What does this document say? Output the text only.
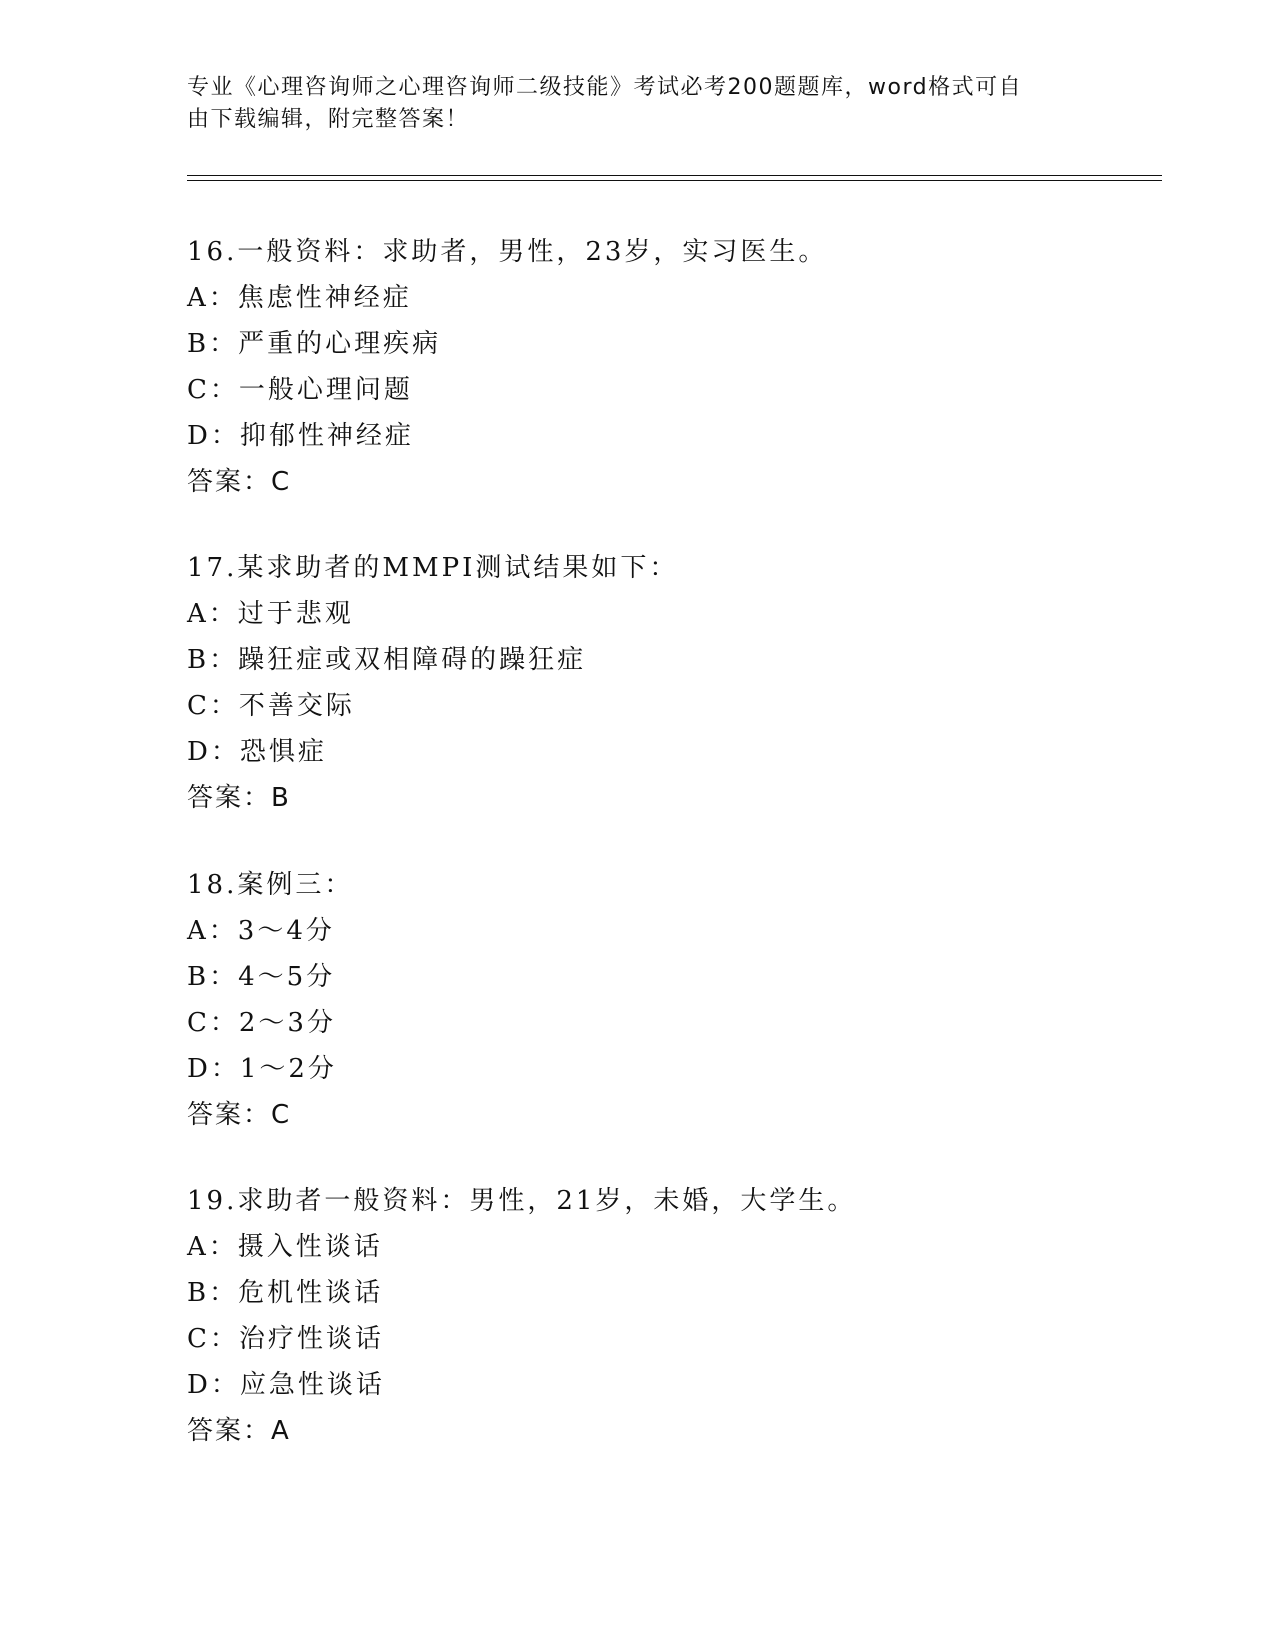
专业《心理咨询师之心理咨询师二级技能》考试必考200题题库，word格式可自
由下载编辑，附完整答案！
16.一般资料：求助者，男性，23岁，实习医生。
A：焦虑性神经症
B：严重的心理疾病
C：一般心理问题
D：抑郁性神经症
答案：C
17.某求助者的MMPI测试结果如下：
A：过于悲观
B：躁狂症或双相障碍的躁狂症
C：不善交际
D：恐惧症
答案：B
18.案例三：
A：3～4分
B：4～5分
C：2～3分
D：1～2分
答案：C
19.求助者一般资料：男性，21岁，未婚，大学生。
A：摄入性谈话
B：危机性谈话
C：治疗性谈话
D：应急性谈话
答案：A
